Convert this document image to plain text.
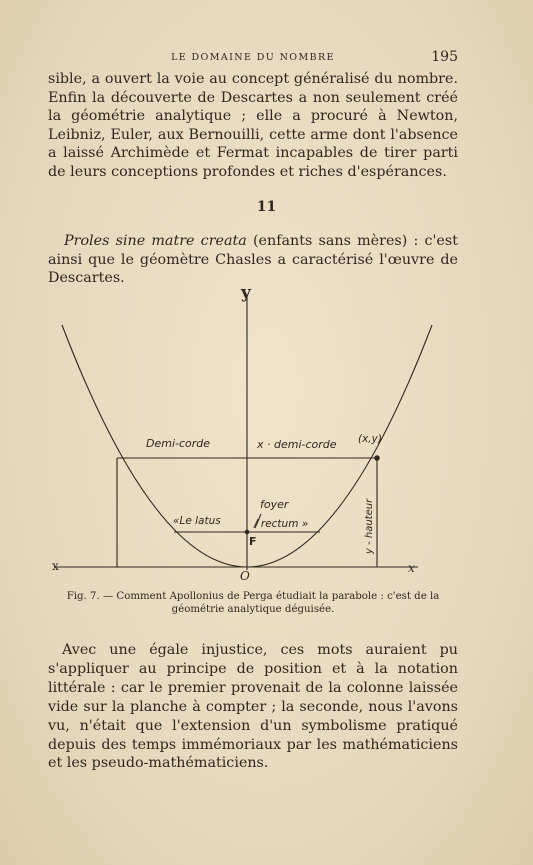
LE DOMAINE DU NOMBRE	195
sible, a ouvert la voie au concept généralisé du nombre. Enfin la découverte de Descartes a non seulement créé la géométrie analytique ; elle a procuré à Newton, Leibniz, Euler, aux Bernouilli, cette arme dont l'absence a laissé Archimède et Fermat incapables de tirer parti de leurs conceptions profondes et riches d'espérances.
11
Proles sine matre creata (enfants sans mères) : c'est ainsi que le géomètre Chasles a caractérisé l'œuvre de Descartes.
y
x	x
O
F
Demi-corde	x · demi-corde (x,y)
«Le latus
foyer
/ rectum »	y - hauteur
Fig. 7. — Comment Apollonius de Perga étudiait la parabole : c'est de la géométrie analytique déguisée.
Avec une égale injustice, ces mots auraient pu s'appliquer au principe de position et à la notation littérale : car le premier provenait de la colonne laissée vide sur la planche à compter ; la seconde, nous l'avons vu, n'était que l'extension d'un symbolisme pratiqué depuis des temps immémoriaux par les mathématiciens et les pseudo-mathématiciens.
